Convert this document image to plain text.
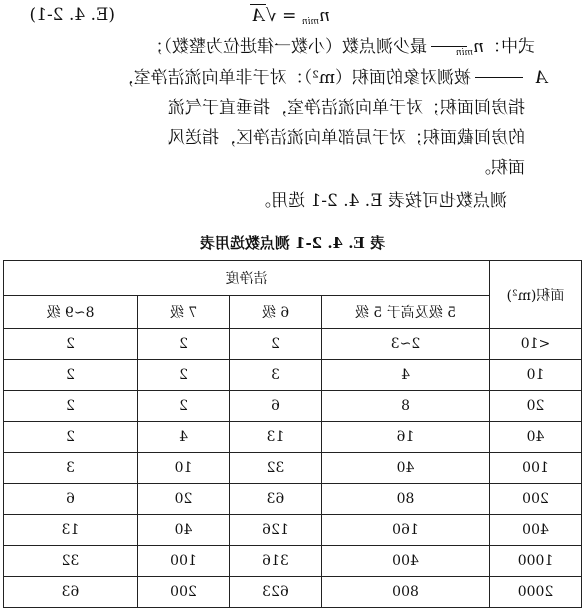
$n_{min} = √A$
(E. 4. 2-1)
式中：$n_{min}$
最少测点数（小数一律进位为整数）；
A
被测对象的面积（m²）：对于非单向流洁净室，
指房间面积；对于单向流洁净室，指垂直于气流
的房间截面积；对于局部单向流洁净区，指送风
面积。
测点数也可按表 E. 4. 2-1 选用。
表 E. 4. 2-1 测点数选用表
面积(m²)	洁净度			
	5 级及高于 5 级	6 级	7 级	8~9 级
<10	2~3	2	2	2
10	4	3	2	2
20	8	6	2	2
40	16	13	4	2
100	40	32	10	3
200	80	63	20	6
400	160	126	40	13
1000	400	316	100	32
2000	800	623	200	63
